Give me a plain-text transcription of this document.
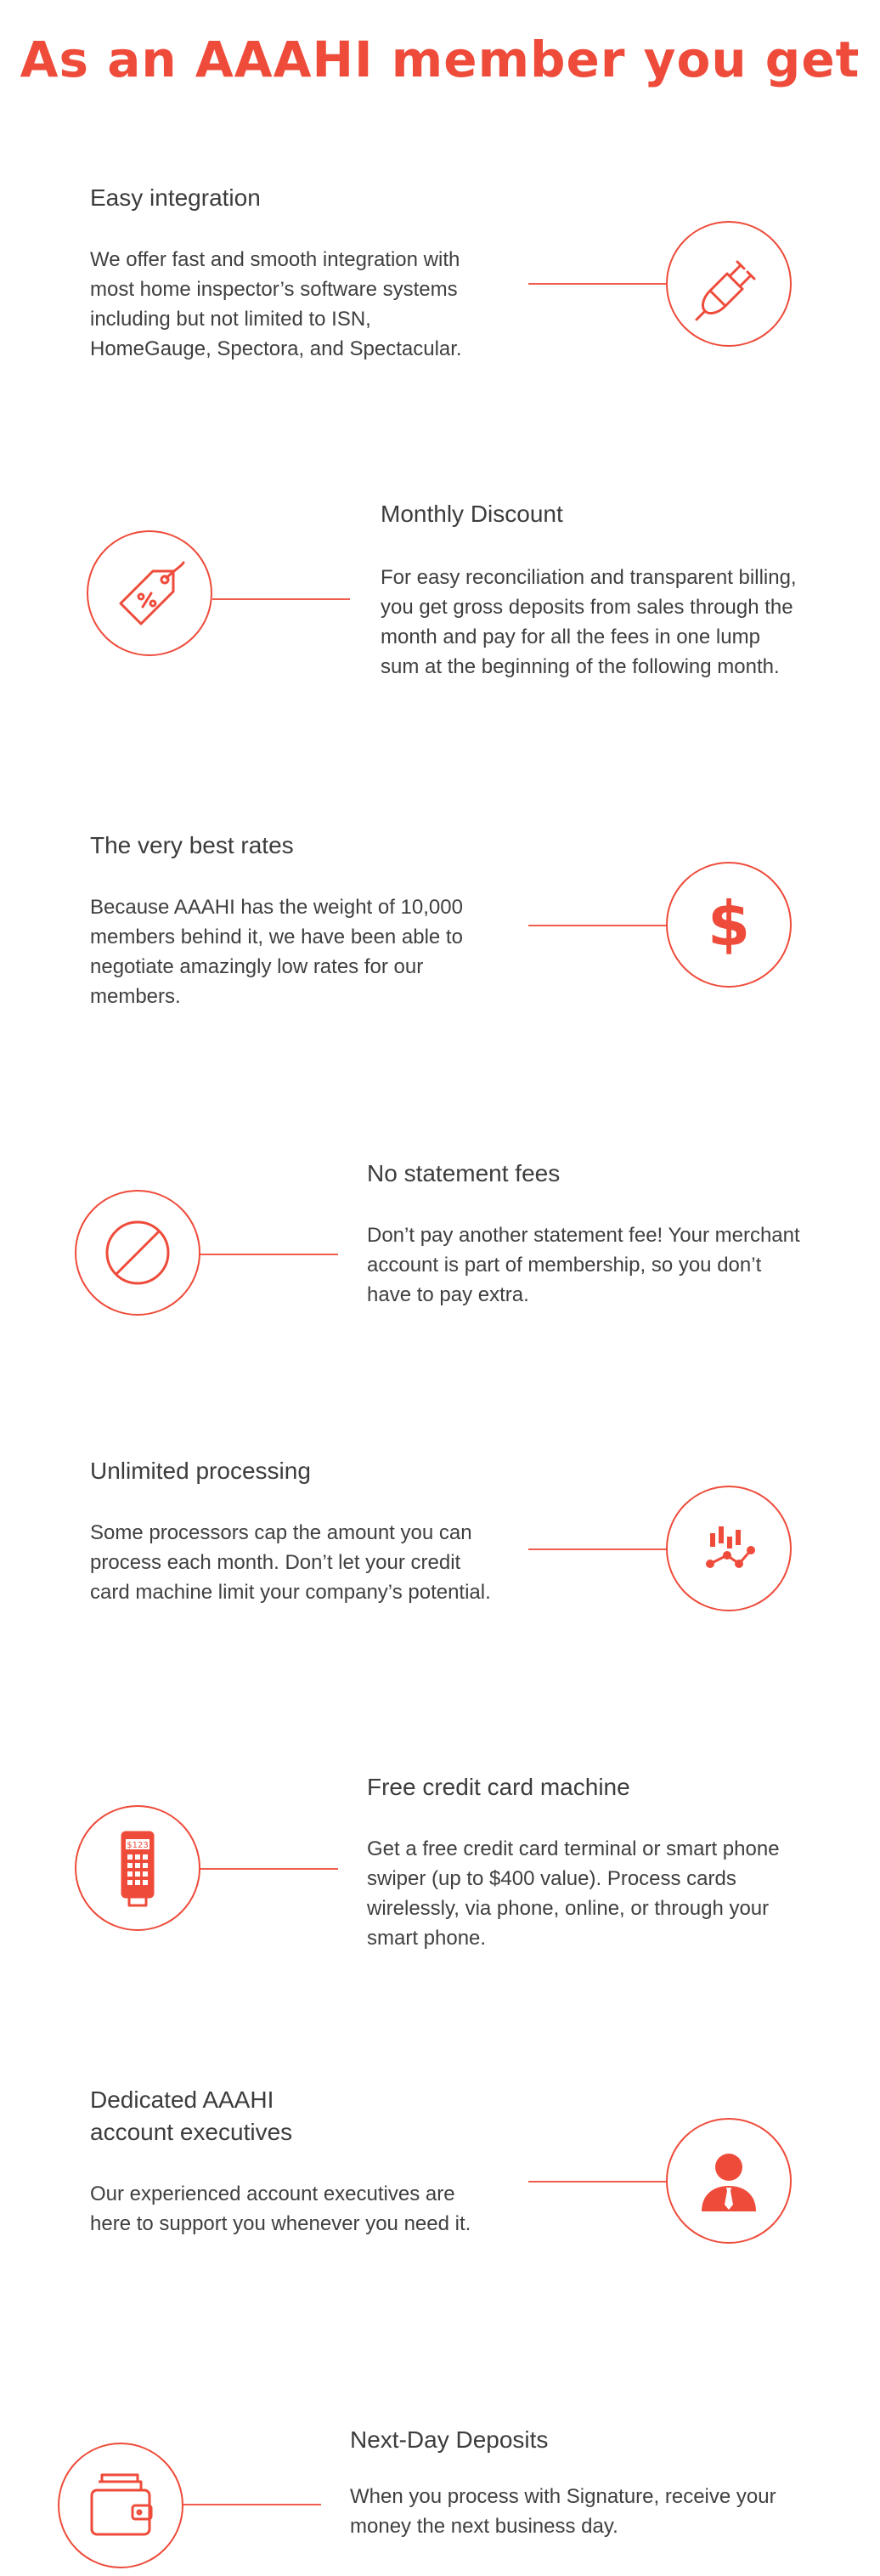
As an AAAHI member you get
Easy integration

We offer fast and smooth integration with most home inspector’s software systems including but not limited to ISN, HomeGauge, Spectora, and Spectacular.

Monthly Discount

For easy reconciliation and transparent billing, you get gross deposits from sales through the month and pay for all the fees in one lump sum at the beginning of the following month.

The very best rates

Because AAAHI has the weight of 10,000 members behind it, we have been able to negotiate amazingly low rates for our members.

$
No statement fees

Don’t pay another statement fee! Your merchant account is part of membership, so you don’t have to pay extra.

Unlimited processing

Some processors cap the amount you can process each month. Don’t let your credit card machine limit your company’s potential.

$123
Free credit card machine

Get a free credit card terminal or smart phone swiper (up to $400 value). Process cards wirelessly, via phone, online, or through your smart phone.

Dedicated AAAHI account executives

Our experienced account executives are here to support you whenever you need it.

Next-Day Deposits

When you process with Signature, receive your money the next business day.
